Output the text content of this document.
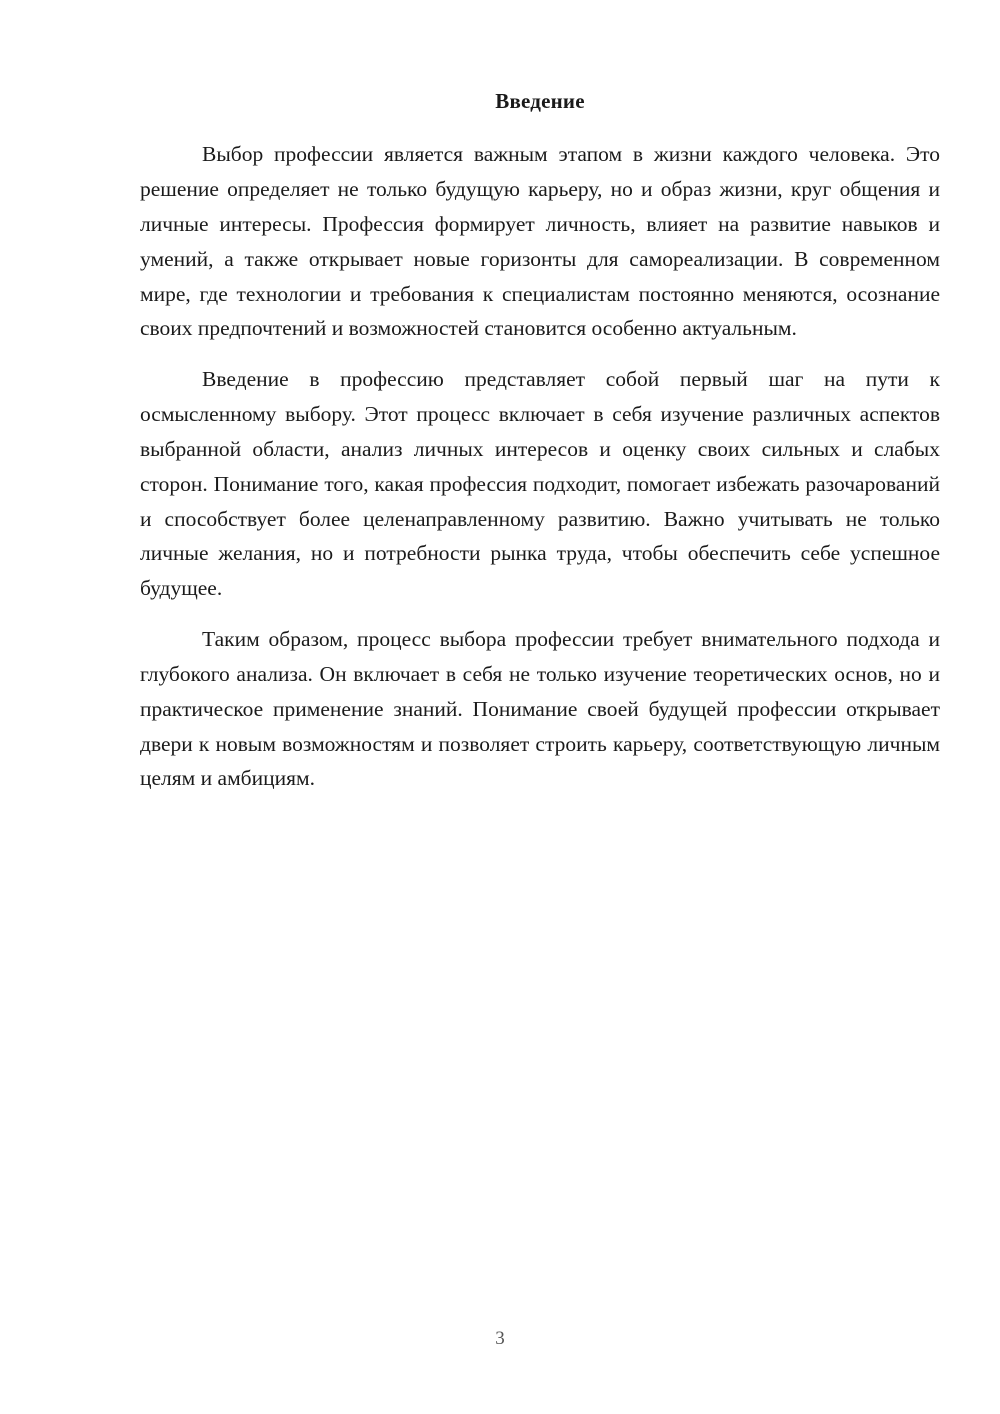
Введение

Выбор профессии является важным этапом в жизни каждого человека. Это решение определяет не только будущую карьеру, но и образ жизни, круг общения и личные интересы. Профессия формирует личность, влияет на развитие навыков и умений, а также открывает новые горизонты для самореализации. В современном мире, где технологии и требования к специалистам постоянно меняются, осознание своих предпочтений и возможностей становится особенно актуальным.

Введение в профессию представляет собой первый шаг на пути к осмысленному выбору. Этот процесс включает в себя изучение различных аспектов выбранной области, анализ личных интересов и оценку своих сильных и слабых сторон. Понимание того, какая профессия подходит, помогает избежать разочарований и способствует более целенаправленному развитию. Важно учитывать не только личные желания, но и потребности рынка труда, чтобы обеспечить себе успешное будущее.

Таким образом, процесс выбора профессии требует внимательного подхода и глубокого анализа. Он включает в себя не только изучение теоретических основ, но и практическое применение знаний. Понимание своей будущей профессии открывает двери к новым возможностям и позволяет строить карьеру, соответствующую личным целям и амбициям.

3
